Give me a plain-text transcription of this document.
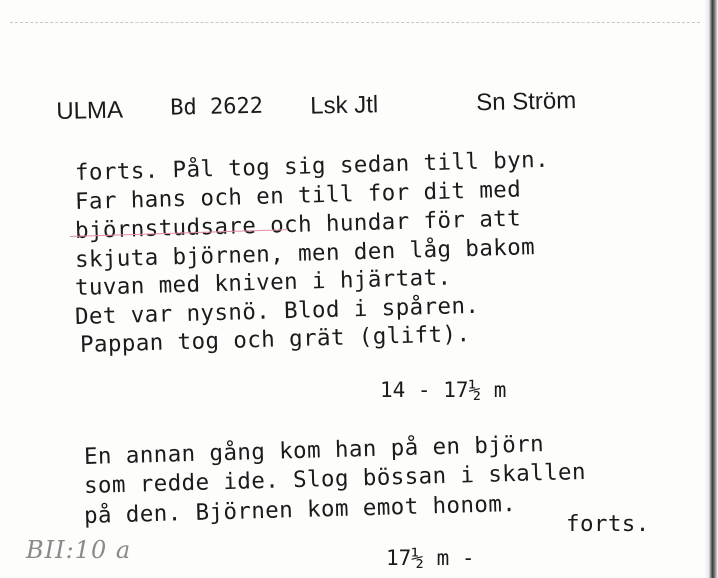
ULMA Bd 2622 Lsk Jtl	Sn Ström
forts. Pål tog sig sedan till byn.
Far hans och en till for dit med
björnstudsare och hundar för att
skjuta björnen, men den låg bakom
tuvan med kniven i hjärtat.
Det var nysnö. Blod i spåren.
Pappan tog och grät (glift).
14 - 17½ m
En annan gång kom han på en björn
som redde ide. Slog bössan i skallen
på den. Björnen kom emot honom. forts.
BII:10 a	17½ m -
